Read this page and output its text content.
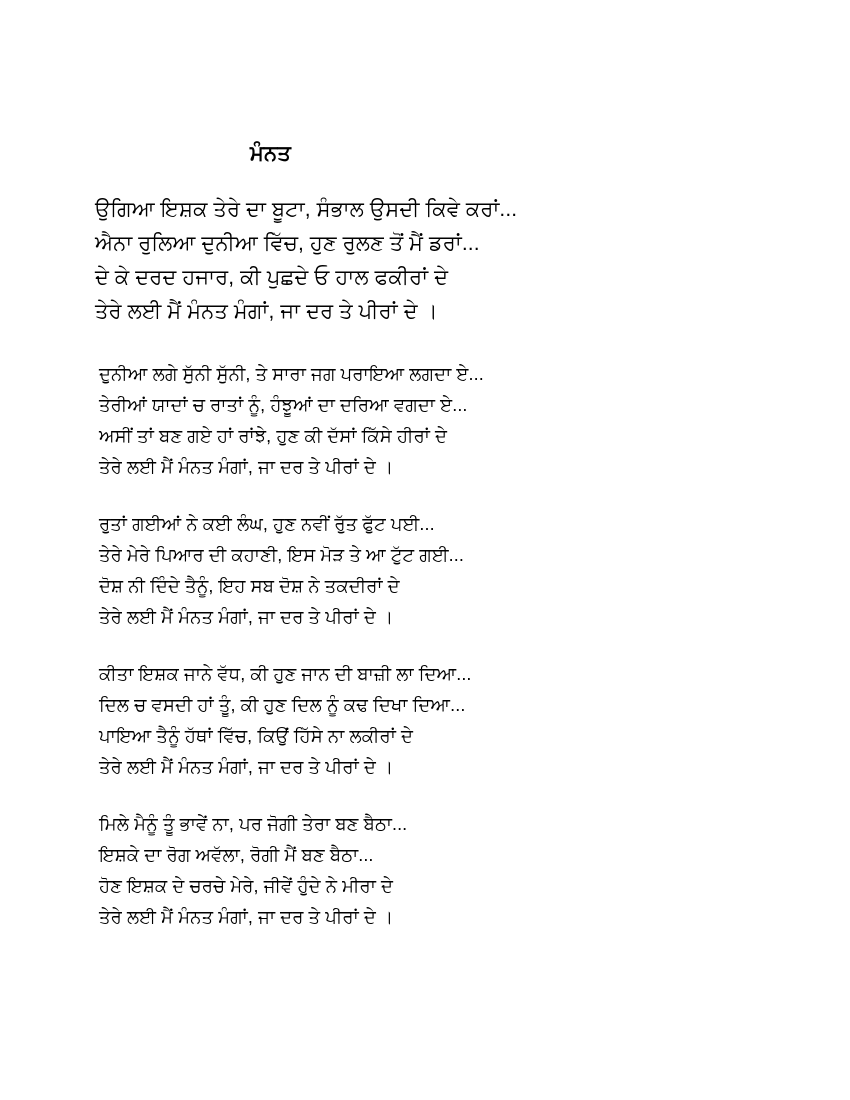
ਮੰਨਤ
ਉਗਿਆ ਇਸ਼ਕ ਤੇਰੇ ਦਾ ਬੂਟਾ, ਸੰਭਾਲ ਉਸਦੀ ਕਿਵੇ ਕਰਾਂ...
ਐਨਾ ਰੁਲਿਆ ਦੁਨੀਆ ਵਿੱਚ, ਹੁਣ ਰੁਲਣ ਤੋਂ ਮੈਂ ਡਰਾਂ...
ਦੇ ਕੇ ਦਰਦ ਹਜਾਰ, ਕੀ ਪੁਛਦੇ ਓ ਹਾਲ ਫਕੀਰਾਂ ਦੇ
ਤੇਰੇ ਲਈ ਮੈਂ ਮੰਨਤ ਮੰਗਾਂ, ਜਾ ਦਰ ਤੇ ਪੀਰਾਂ ਦੇ ।
ਦੁਨੀਆ ਲਗੇ ਸੁੱਨੀ ਸੁੱਨੀ, ਤੇ ਸਾਰਾ ਜਗ ਪਰਾਇਆ ਲਗਦਾ ਏ...
ਤੇਰੀਆਂ ਯਾਦਾਂ ਚ ਰਾਤਾਂ ਨੂੰ, ਹੰਝੂਆਂ ਦਾ ਦਰਿਆ ਵਗਦਾ ਏ...
ਅਸੀਂ ਤਾਂ ਬਣ ਗਏ ਹਾਂ ਰਾਂਝੇ, ਹੁਣ ਕੀ ਦੱਸਾਂ ਕਿੱਸੇ ਹੀਰਾਂ ਦੇ
ਤੇਰੇ ਲਈ ਮੈਂ ਮੰਨਤ ਮੰਗਾਂ, ਜਾ ਦਰ ਤੇ ਪੀਰਾਂ ਦੇ ।
ਰੁਤਾਂ ਗਈਆਂ ਨੇ ਕਈ ਲੰਘ, ਹੁਣ ਨਵੀਂ ਰੁੱਤ ਫੁੱਟ ਪਈ...
ਤੇਰੇ ਮੇਰੇ ਪਿਆਰ ਦੀ ਕਹਾਣੀ, ਇਸ ਮੋੜ ਤੇ ਆ ਟੁੱਟ ਗਈ...
ਦੋਸ਼ ਨੀ ਦਿੰਦੇ ਤੈਨੂੰ, ਇਹ ਸਬ ਦੋਸ਼ ਨੇ ਤਕਦੀਰਾਂ ਦੇ
ਤੇਰੇ ਲਈ ਮੈਂ ਮੰਨਤ ਮੰਗਾਂ, ਜਾ ਦਰ ਤੇ ਪੀਰਾਂ ਦੇ ।
ਕੀਤਾ ਇਸ਼ਕ ਜਾਨੇ ਵੱਧ, ਕੀ ਹੁਣ ਜਾਨ ਦੀ ਬਾਜ਼ੀ ਲਾ ਦਿਆ...
ਦਿਲ ਚ ਵਸਦੀ ਹਾਂ ਤੂੰ, ਕੀ ਹੁਣ ਦਿਲ ਨੂੰ ਕਢ ਦਿਖਾ ਦਿਆ...
ਪਾਇਆ ਤੈਨੂੰ ਹੱਥਾਂ ਵਿੱਚ, ਕਿਉਂ ਹਿੱਸੇ ਨਾ ਲਕੀਰਾਂ ਦੇ
ਤੇਰੇ ਲਈ ਮੈਂ ਮੰਨਤ ਮੰਗਾਂ, ਜਾ ਦਰ ਤੇ ਪੀਰਾਂ ਦੇ ।
ਮਿਲੇ ਮੈਨੂੰ ਤੂੰ ਭਾਵੇਂ ਨਾ, ਪਰ ਜੋਗੀ ਤੇਰਾ ਬਣ ਬੈਠਾ...
ਇਸ਼ਕੇ ਦਾ ਰੋਗ ਅਵੱਲਾ, ਰੋਗੀ ਮੈਂ ਬਣ ਬੈਠਾ...
ਹੋਣ ਇਸ਼ਕ ਦੇ ਚਰਚੇ ਮੇਰੇ, ਜੀਵੇਂ ਹੁੰਦੇ ਨੇ ਮੀਰਾ ਦੇ
ਤੇਰੇ ਲਈ ਮੈਂ ਮੰਨਤ ਮੰਗਾਂ, ਜਾ ਦਰ ਤੇ ਪੀਰਾਂ ਦੇ ।
